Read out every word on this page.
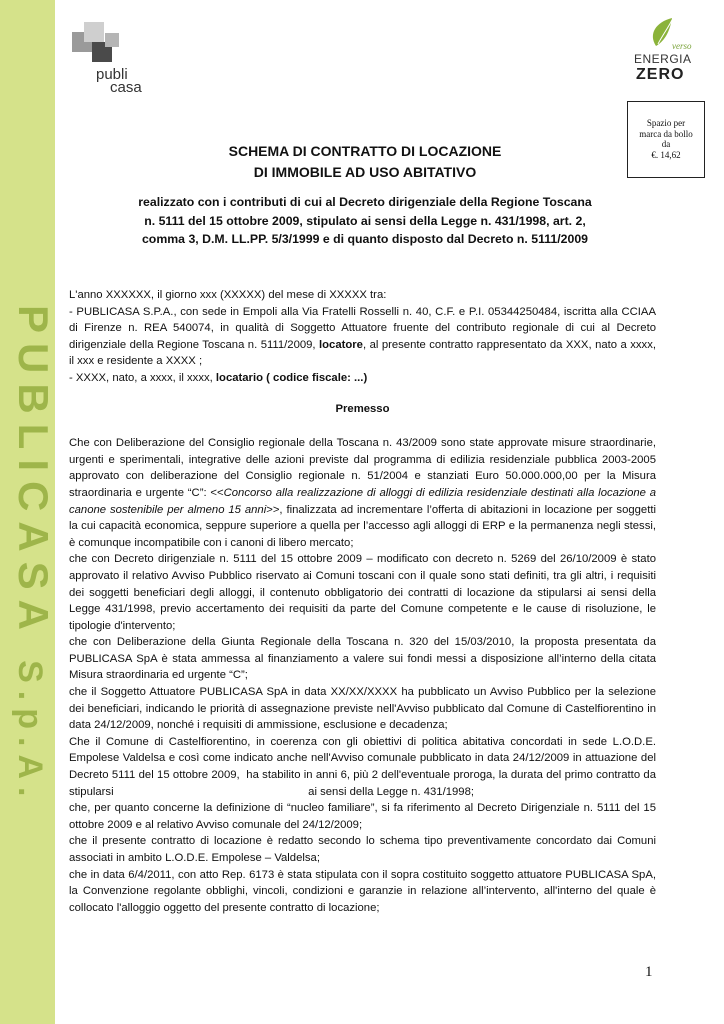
PUBLICASA S.p.A.
publi
casa
verso
ENERGIA
ZERO
Spazio per
marca da bollo
da
€. 14,62
SCHEMA DI CONTRATTO DI LOCAZIONE
DI IMMOBILE AD USO ABITATIVO
realizzato con i contributi di cui al Decreto dirigenziale della Regione Toscana
n. 5111 del 15 ottobre 2009, stipulato ai sensi della Legge n. 431/1998, art. 2,
comma 3, D.M. LL.PP. 5/3/1999 e di quanto disposto dal Decreto n. 5111/2009

L'anno XXXXXX, il giorno xxx (XXXXX) del mese di XXXXX tra:

- PUBLICASA S.P.A., con sede in Empoli alla Via Fratelli Rosselli n. 40, C.F. e P.I. 05344250484, iscritta alla CCIAA di Firenze n. REA 540074, in qualità di Soggetto Attuatore fruente del contributo regionale di cui al Decreto dirigenziale della Regione Toscana n. 5111/2009, locatore, al presente contratto rappresentato da XXX, nato a xxxx, il xxx e residente a XXXX ;

- XXXX, nato, a xxxx, il xxxx, locatario ( codice fiscale: ...)

Premesso

Che con Deliberazione del Consiglio regionale della Toscana n. 43/2009 sono state approvate misure straordinarie, urgenti e sperimentali, integrative delle azioni previste dal programma di edilizia residenziale pubblica 2003-2005 approvato con deliberazione del Consiglio regionale n. 51/2004 e stanziati Euro 50.000.000,00 per la Misura straordinaria e urgente “C”: <<Concorso alla realizzazione di alloggi di edilizia residenziale destinati alla locazione a canone sostenibile per almeno 15 anni>>, finalizzata ad incrementare l’offerta di abitazioni in locazione per soggetti la cui capacità economica, seppure superiore a quella per l’accesso agli alloggi di ERP e la permanenza negli stessi, è comunque incompatibile con i canoni di libero mercato;

che con Decreto dirigenziale n. 5111 del 15 ottobre 2009 – modificato con decreto n. 5269 del 26/10/2009 è stato approvato il relativo Avviso Pubblico riservato ai Comuni toscani con il quale sono stati definiti, tra gli altri, i requisiti dei soggetti beneficiari degli alloggi, il contenuto obbligatorio dei contratti di locazione da stipularsi ai sensi della Legge 431/1998, previo accertamento dei requisiti da parte del Comune competente e le cause di risoluzione, le tipologie d'intervento;

che con Deliberazione della Giunta Regionale della Toscana n. 320 del 15/03/2010, la proposta presentata da PUBLICASA SpA è stata ammessa al finanziamento a valere sui fondi messi a disposizione all’interno della citata Misura straordinaria ed urgente “C”;

che il Soggetto Attuatore PUBLICASA SpA in data XX/XX/XXXX ha pubblicato un Avviso Pubblico per la selezione dei beneficiari, indicando le priorità di assegnazione previste nell'Avviso pubblicato dal Comune di Castelfiorentino in data 24/12/2009, nonché i requisiti di ammissione, esclusione e decadenza;

Che il Comune di Castelfiorentino, in coerenza con gli obiettivi di politica abitativa concordati in sede L.O.D.E. Empolese Valdelsa e così come indicato anche nell'Avviso comunale pubblicato in data 24/12/2009 in attuazione del Decreto 5111 del 15 ottobre 2009,  ha stabilito in anni 6, più 2 dell'eventuale proroga, la durata del primo contratto da stipularsi                                                              ai sensi della Legge n. 431/1998;

che, per quanto concerne la definizione di “nucleo familiare”, si fa riferimento al Decreto Dirigenziale n. 5111 del 15 ottobre 2009 e al relativo Avviso comunale del 24/12/2009;

che il presente contratto di locazione è redatto secondo lo schema tipo preventivamente concordato dai Comuni associati in ambito L.O.D.E. Empolese – Valdelsa;

che in data 6/4/2011, con atto Rep. 6173 è stata stipulata con il sopra costituito soggetto attuatore PUBLICASA SpA, la Convenzione regolante obblighi, vincoli, condizioni e garanzie in relazione all’intervento, all'interno del quale è collocato l'alloggio oggetto del presente contratto di locazione;

1
